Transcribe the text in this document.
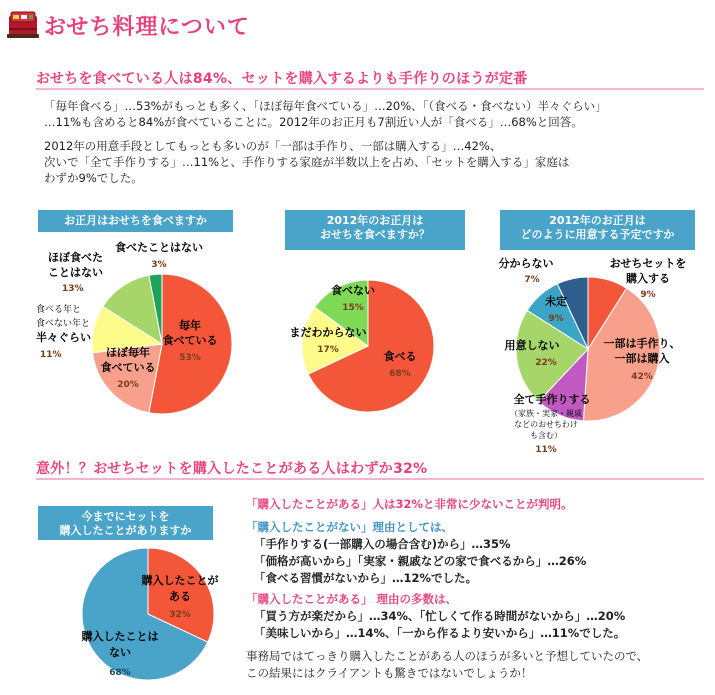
おせち料理について
おせちを食べている人は84%、セットを購入するよりも手作りのほうが定番
「毎年食べる」…53%がもっとも多く、「ほぼ毎年食べている」…20%、「（食べる・食べない）半々ぐらい」
…11%も含めると84%が食べていることに。2012年のお正月も7割近い人が「食べる」…68%と回答。
2012年の用意手段としてもっとも多いのが「一部は手作り、一部は購入する」…42%、
次いで「全て手作りする」…11%と、手作りする家庭が半数以上を占め、「セットを購入する」家庭は
わずか9%でした。
お正月はおせちを食べますか	2012年のお正月は
おせちを食べますか？
2012年のお正月は
どのように用意する予定ですか
毎年
食べている
53%
ほぼ毎年
食べている
20%
食べる年と
食べない年と
半々ぐらい
11%
ほぼ食べた
ことはない
13%
食べたことはない
3%
食べる
68%
まだわからない
17%
食べない
15%
おせちセットを
購入する
9%
一部は手作り、
一部は購入
42%
全て手作りする
（家族・実家・親戚
などのおせちわけ
も含む）
11%
用意しない
22%
未定
9%
分からない
7%
意外！？おせちセットを購入したことがある人はわずか32%
今までにセットを
購入したことがありますか
購入したことが
ある
32%
購入したことは
ない
68%
「購入したことがある」人は32%と非常に少ないことが判明。
「購入したことがない」理由としては、
「手作りする(一部購入の場合含む)から」…35%
「価格が高いから」「実家・親戚などの家で食べるから」…26%
「食べる習慣がないから」…12%でした。
「購入したことがある」 理由の多数は、
「買う方が楽だから」…34%、「忙しくて作る時間がないから」…20%
「美味しいから」…14%、「一から作るより安いから」…11%でした。
事務局ではてっきり購入したことがある人のほうが多いと予想していたので、
この結果にはクライアントも驚きではないでしょうか！
